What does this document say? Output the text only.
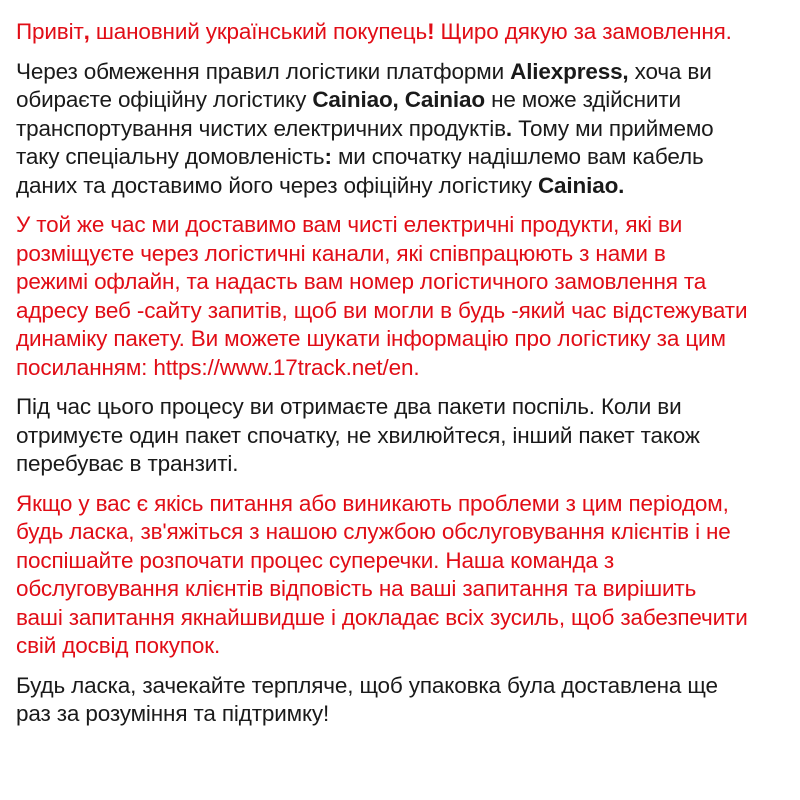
Привіт, шановний український покупець! Щиро дякую за замовлення.

Через обмеження правил логістики платформи Aliexpress, хоча ви
обираєте офіційну логістику Cainiao, Cainiao не може здійснити
транспортування чистих електричних продуктів. Тому ми приймемо
таку спеціальну домовленість: ми спочатку надішлемо вам кабель
даних та доставимо його через офіційну логістику Cainiao.

У той же час ми доставимо вам чисті електричні продукти, які ви
розміщуєте через логістичні канали, які співпрацюють з нами в
режимі офлайн, та надасть вам номер логістичного замовлення та
адресу веб -сайту запитів, щоб ви могли в будь -який час відстежувати
динаміку пакету. Ви можете шукати інформацію про логістику за цим
посиланням: https://www.17track.net/en.

Під час цього процесу ви отримаєте два пакети поспіль. Коли ви
отримуєте один пакет спочатку, не хвилюйтеся, інший пакет також
перебуває в транзиті.

Якщо у вас є якісь питання або виникають проблеми з цим періодом,
будь ласка, зв'яжіться з нашою службою обслуговування клієнтів і не
поспішайте розпочати процес суперечки. Наша команда з
обслуговування клієнтів відповість на ваші запитання та вирішить
ваші запитання якнайшвидше і докладає всіх зусиль, щоб забезпечити
свій досвід покупок.

Будь ласка, зачекайте терпляче, щоб упаковка була доставлена ще
раз за розуміння та підтримку!
